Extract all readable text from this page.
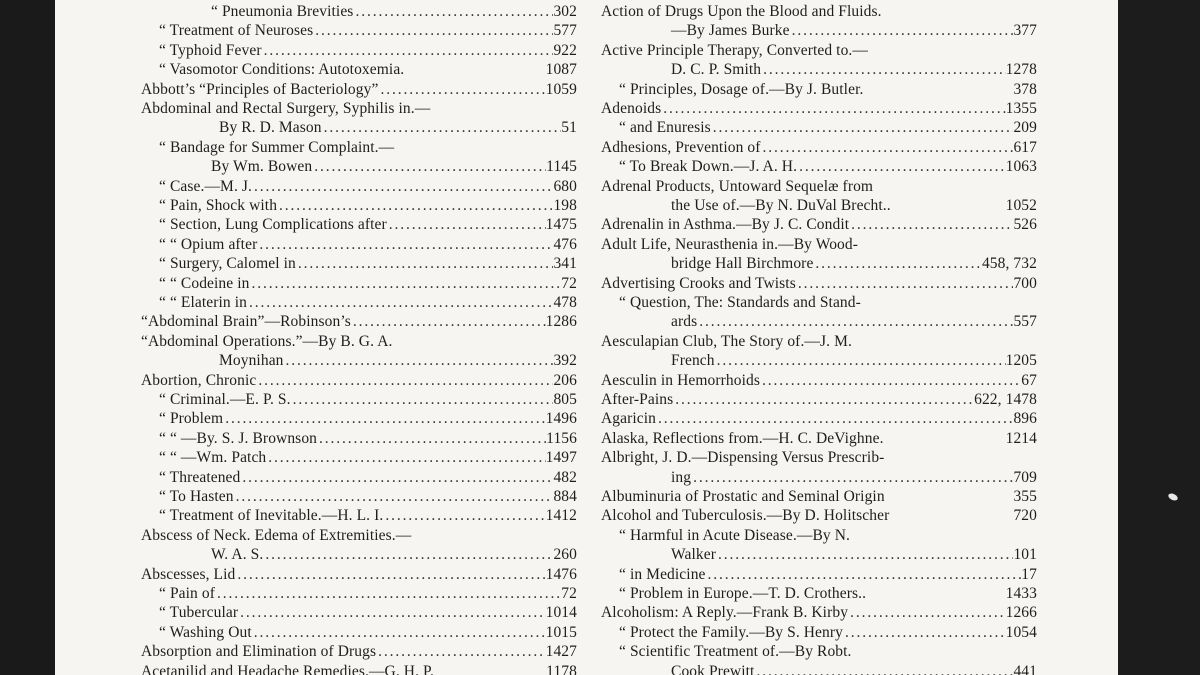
“ Pneumonia Brevities . . .	302
“ Treatment of Neuroses . . .	577
“ Typhoid Fever . . .	922
“ Vasomotor Conditions: Autotoxemia.	1087
Abbott’s “Principles of Bacteriology” . . .	1059
Abdominal and Rectal Surgery, Syphilis in.—
By R. D. Mason . . .	51
“ Bandage for Summer Complaint.—
By Wm. Bowen . . .	1145
“ Case.—M. J. . . .	680
“ Pain, Shock with . . .	198
“ Section, Lung Complications after . . .	1475
“ “ Opium after . . .	476
“ Surgery, Calomel in . . .	341
“ “ Codeine in . . .	72
“ “ Elaterin in . . .	478
“Abdominal Brain”—Robinson’s . . .	1286
“Abdominal Operations.”—By B. G. A.
Moynihan . . .	392
Abortion, Chronic . . .	206
“ Criminal.—E. P. S. . . .	805
“ Problem . . .	1496
“ “ —By. S. J. Brownson . . .	1156
“ “ —Wm. Patch . . .	1497
“ Threatened . . .	482
“ To Hasten . . .	884
“ Treatment of Inevitable.—H. L. I. . . .	1412
Abscess of Neck. Edema of Extremities.—
W. A. S. . . .	260
Abscesses, Lid . . .	1476
“ Pain of . . .	72
“ Tubercular . . .	1014
“ Washing Out . . .	1015
Absorption and Elimination of Drugs . . .	1427
Acetanilid and Headache Remedies.—G. H. P.	1178
Action of Drugs Upon the Blood and Fluids.
—By James Burke . . .	377
Active Principle Therapy, Converted to.—
D. C. P. Smith . . .	1278
“ Principles, Dosage of.—By J. Butler.	378
Adenoids . . .	1355
“ and Enuresis . . .	209
Adhesions, Prevention of . . .	617
“ To Break Down.—J. A. H. . . .	1063
Adrenal Products, Untoward Sequelæ from
the Use of.—By N. DuVal Brecht..	1052
Adrenalin in Asthma.—By J. C. Condit . . .	526
Adult Life, Neurasthenia in.—By Wood-
bridge Hall Birchmore . . .	458, 732
Advertising Crooks and Twists . . .	700
“ Question, The: Standards and Stand-
ards . . .	557
Aesculapian Club, The Story of.—J. M.
French . . .	1205
Aesculin in Hemorrhoids . . .	67
After-Pains . . .	622, 1478
Agaricin . . .	896
Alaska, Reflections from.—H. C. DeVighne.	1214
Albright, J. D.—Dispensing Versus Prescrib-
ing . . .	709
Albuminuria of Prostatic and Seminal Origin	355
Alcohol and Tuberculosis.—By D. Holitscher	720
“ Harmful in Acute Disease.—By N.
Walker . . .	101
“ in Medicine . . .	17
“ Problem in Europe.—T. D. Crothers..	1433
Alcoholism: A Reply.—Frank B. Kirby . . .	1266
“ Protect the Family.—By S. Henry . . .	1054
“ Scientific Treatment of.—By Robt.
Cook Prewitt . . .	441
